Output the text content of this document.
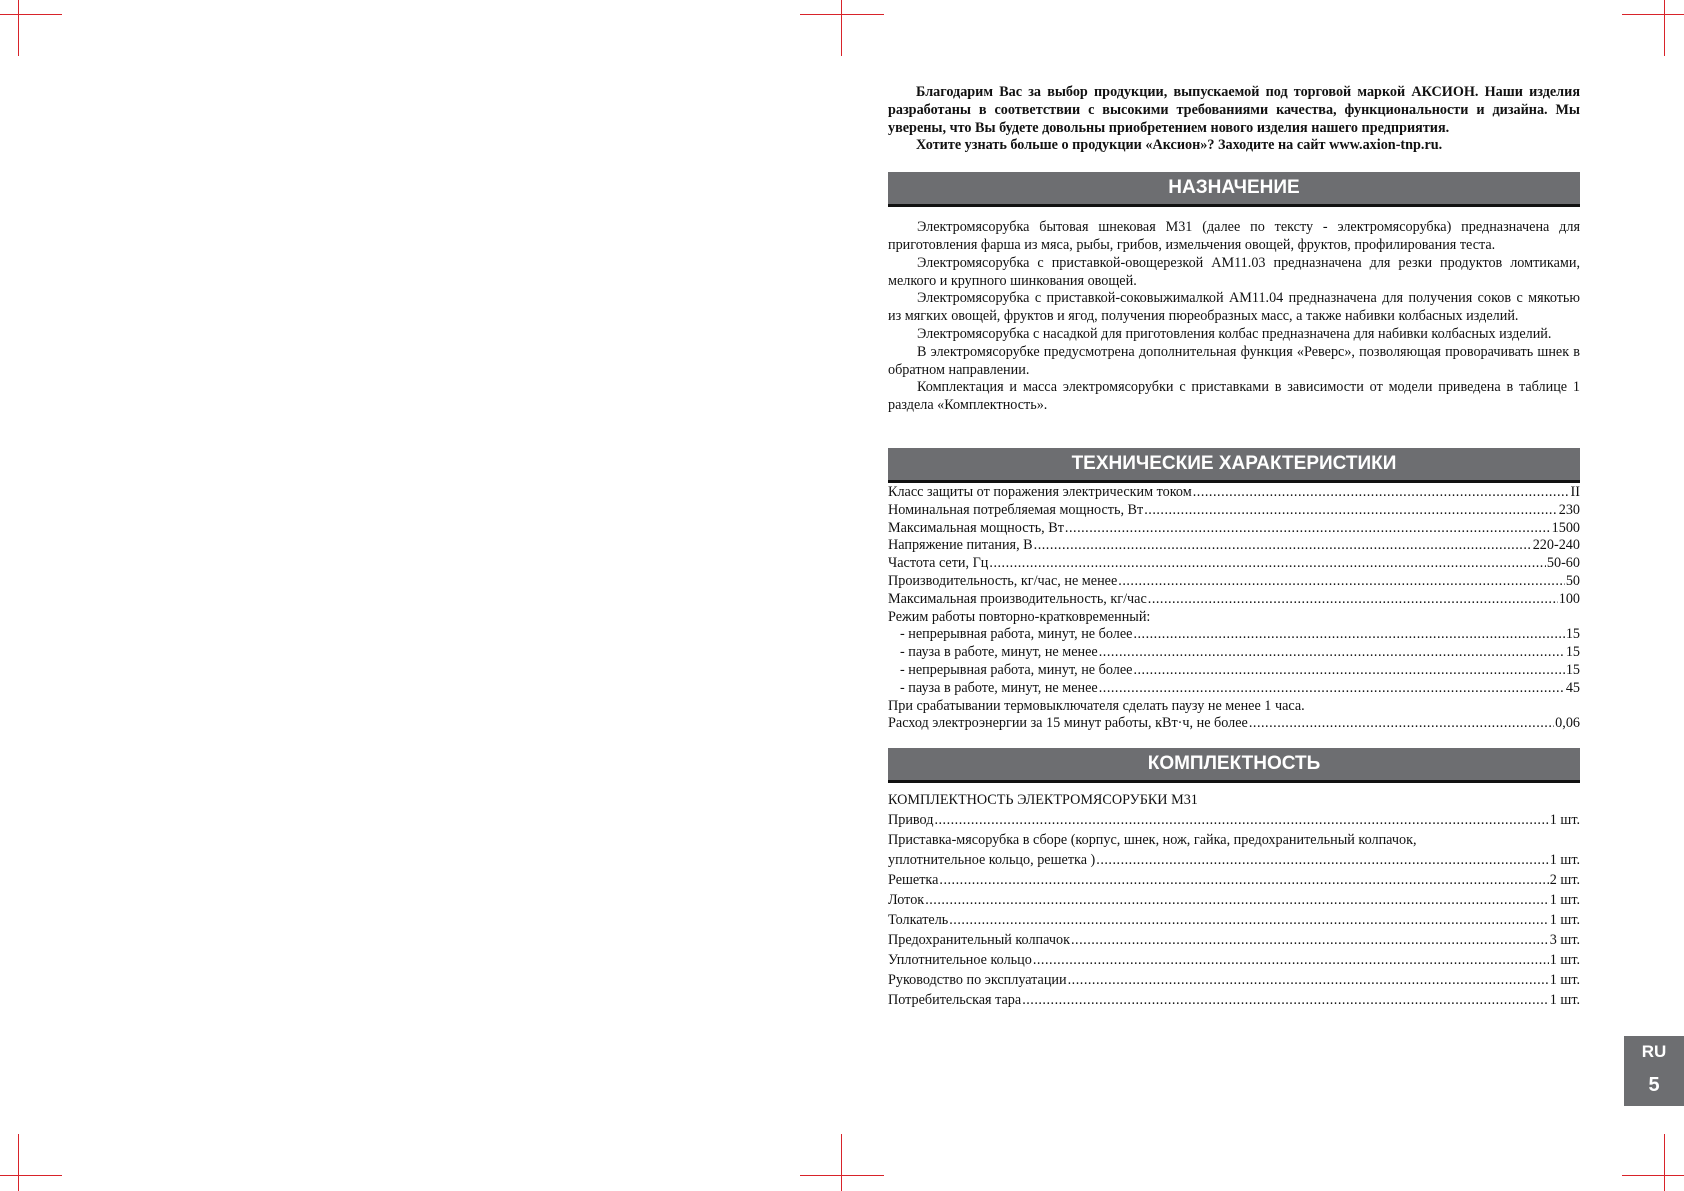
Благодарим Вас за выбор продукции, выпускаемой под торговой маркой АКСИОН. Наши изделия разработаны в соответствии с высокими требованиями качества, функциональности и дизайна. Мы уверены, что Вы будете довольны приобретением нового изделия нашего предприятия.

Хотите узнать больше о продукции «Аксион»? Заходите на сайт www.axion-tnp.ru.

НАЗНАЧЕНИЕ

Электромясорубка бытовая шнековая М31 (далее по тексту - электромясорубка) предназначена для приготовления фарша из мяса, рыбы, грибов, измельчения овощей, фруктов, профилирования теста.

Электромясорубка с приставкой-овощерезкой АМ11.03 предназначена для резки продуктов ломтиками, мелкого и крупного шинкования овощей.

Электромясорубка с приставкой-соковыжималкой АМ11.04 предназначена для получения соков с мякотью из мягких овощей, фруктов и ягод, получения пюреобразных масс, а также набивки колбасных изделий.

Электромясорубка с насадкой для приготовления колбас предназначена для набивки колбасных изделий.

В электромясорубке предусмотрена дополнительная функция «Реверс», позволяющая проворачивать шнек в обратном направлении.

Комплектация и масса электромясорубки с приставками в зависимости от модели приведена в таблице 1 раздела «Комплектность».

ТЕХНИЧЕСКИЕ ХАРАКТЕРИСТИКИ
Класс защиты от поражения электрическим током .....	II
Номинальная потребляемая мощность, Вт .....	230
Максимальная мощность, Вт .....	1500
Напряжение питания, В .....	220-240
Частота сети, Гц .....	50-60
Производительность, кг/час, не менее .....	50
Максимальная производительность, кг/час .....	100
Режим работы повторно-кратковременный:
- непрерывная работа, минут, не более .....	15
- пауза в работе, минут, не менее .....	15
- непрерывная работа, минут, не более .....	15
- пауза в работе, минут, не менее .....	45
При срабатывании термовыключателя сделать паузу не менее 1 часа.
Расход электроэнергии за 15 минут работы, кВт·ч, не более .....	0,06
КОМПЛЕКТНОСТЬ
КОМПЛЕКТНОСТЬ ЭЛЕКТРОМЯСОРУБКИ М31
Привод .....	1 шт.
Приставка-мясорубка в сборе (корпус, шнек, нож, гайка, предохранительный колпачок,
уплотнительное кольцо, решетка ) .....	1 шт.
Решетка .....	2 шт.
Лоток .....	1 шт.
Толкатель .....	1 шт.
Предохранительный колпачок .....	3 шт.
Уплотнительное кольцо .....	1 шт.
Руководство по эксплуатации .....	1 шт.
Потребительская тара .....	1 шт.
RU
5
